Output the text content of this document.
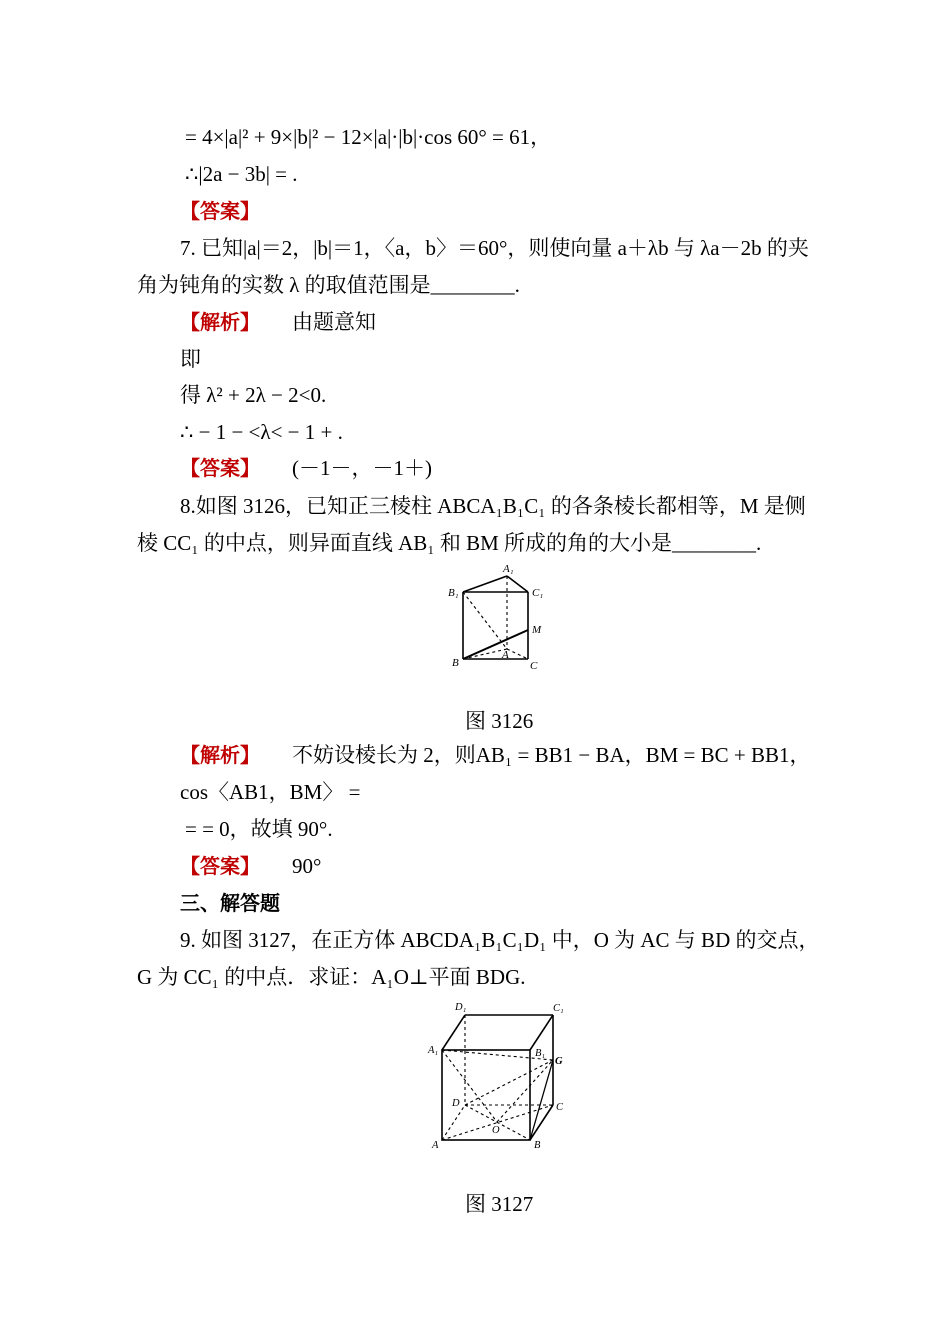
= 4×|a|² + 9×|b|² − 12×|a|·|b|·cos 60° = 61，
∴|2a − 3b| = .
【答案】
7. 已知|a|＝2，|b|＝1，〈a，b〉＝60°，则使向量 a＋λb 与 λa－2b 的夹
角为钝角的实数 λ 的取值范围是________.
【解析】 由题意知
即
得 λ² + 2λ − 2<0.
∴ − 1 − <λ< − 1 + .
【答案】 (－1－，－1＋)
8.如图 3126，已知正三棱柱 ABCA₁B₁C₁ 的各条棱长都相等，M 是侧
棱 CC₁ 的中点，则异面直线 AB₁ 和 BM 所成的角的大小是________.
A₁
B₁	C₁
M
A
B	C
图 3126
【解析】 不妨设棱长为 2，则AB₁ = BB1 − BA，BM = BC + BB1，
cos〈AB1，BM〉 =
= = 0，故填 90°.
【答案】 90°
三、解答题
9. 如图 3127，在正方体 ABCDA₁B₁C₁D₁ 中，O 为 AC 与 BD 的交点，
G 为 CC₁ 的中点．求证：A₁O⊥平面 BDG.
D₁	C₁
A₁	B₁
G
D	C
O
A	B
图 3127
